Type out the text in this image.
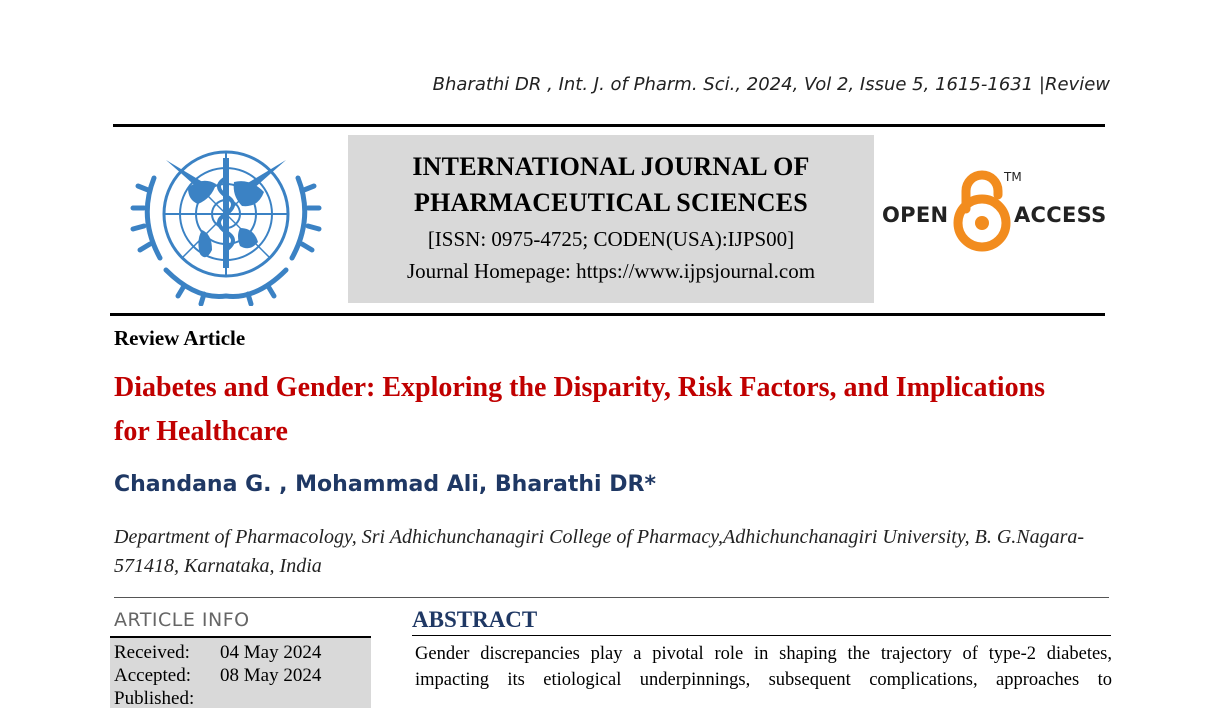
Bharathi DR , Int. J. of Pharm. Sci., 2024, Vol 2, Issue 5, 1615-1631 |Review
INTERNATIONAL JOURNAL OF
PHARMACEUTICAL SCIENCES
[ISSN: 0975-4725; CODEN(USA):IJPS00]
Journal Homepage: https://www.ijpsjournal.com
OPEN
TM
ACCESS
Review Article
Diabetes and Gender: Exploring the Disparity, Risk Factors, and Implications for Healthcare
Chandana G. , Mohammad Ali, Bharathi DR*
Department of Pharmacology, Sri Adhichunchanagiri College of Pharmacy,Adhichunchanagiri University, B. G.Nagara-571418, Karnataka, India
ARTICLE INFO
Received: 04 May 2024
Accepted: 08 May 2024
Published:
ABSTRACT
Gender discrepancies play a pivotal role in shaping the trajectory of type-2 diabetes, impacting its etiological underpinnings, subsequent complications, approaches to
